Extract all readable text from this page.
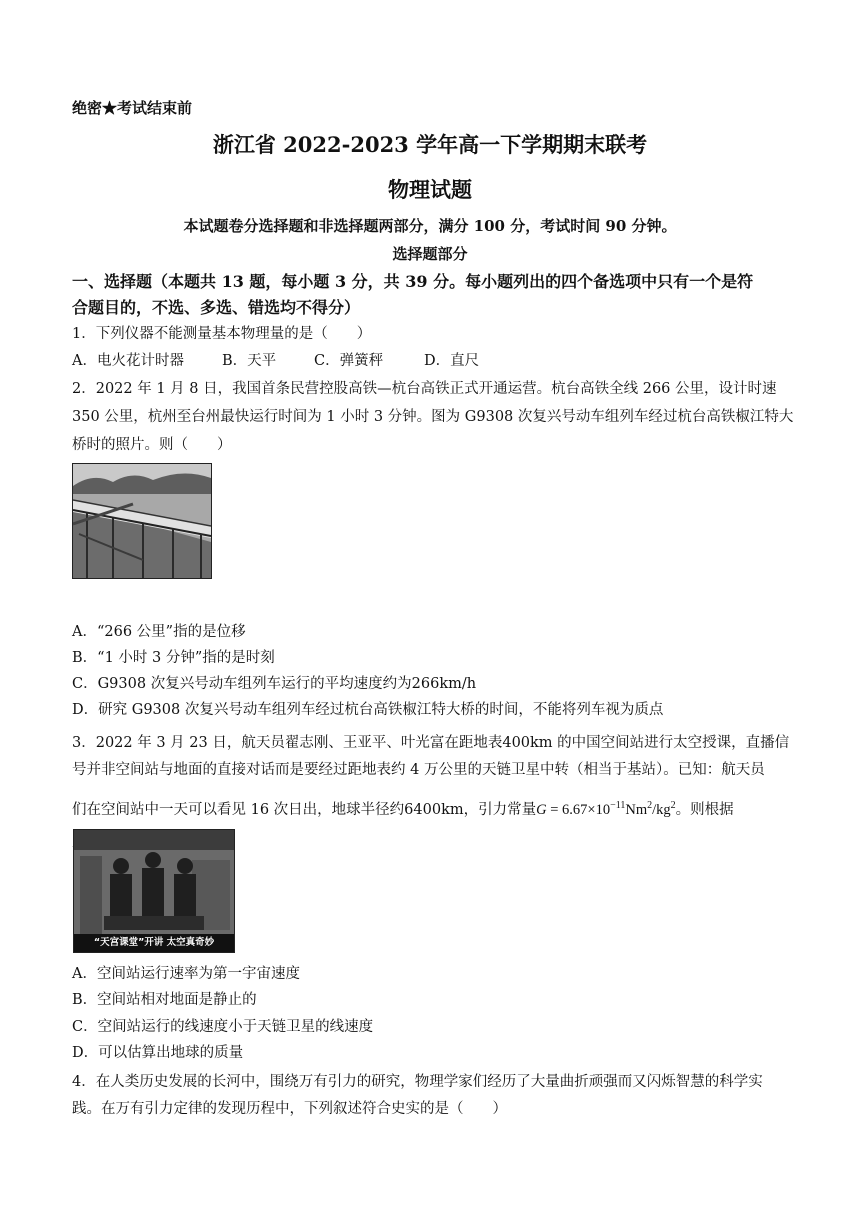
绝密★考试结束前
浙江省 2022-2023 学年高一下学期期末联考
物理试题
本试题卷分选择题和非选择题两部分，满分 100 分，考试时间 90 分钟。
选择题部分
一、选择题（本题共 13 题，每小题 3 分，共 39 分。每小题列出的四个备选项中只有一个是符
合题目的，不选、多选、错选均不得分）
1．下列仪器不能测量基本物理量的是（　　）
A．电火花计时器	B．天平	C．弹簧秤	D．直尺
2．2022 年 1 月 8 日，我国首条民营控股高铁—杭台高铁正式开通运营。杭台高铁全线 266 公里，设计时速
350 公里，杭州至台州最快运行时间为 1 小时 3 分钟。图为 G9308 次复兴号动车组列车经过杭台高铁椒江特大
桥时的照片。则（　　）
A．“266 公里”指的是位移
B．“1 小时 3 分钟”指的是时刻
C．G9308 次复兴号动车组列车运行的平均速度约为266km/h
D．研究 G9308 次复兴号动车组列车经过杭台高铁椒江特大桥的时间，不能将列车视为质点
3．2022 年 3 月 23 日，航天员翟志刚、王亚平、叶光富在距地表400km 的中国空间站进行太空授课，直播信
号并非空间站与地面的直接对话而是要经过距地表约 4 万公里的天链卫星中转（相当于基站）。已知：航天员
们在空间站中一天可以看见 16 次日出，地球半径约6400km，引力常量$G = 6.67\times 10^{-11}Nm^2/kg^2$。则根据
“天宫课堂”开讲 太空真奇妙
A．空间站运行速率为第一宇宙速度
B．空间站相对地面是静止的
C．空间站运行的线速度小于天链卫星的线速度
D．可以估算出地球的质量
4．在人类历史发展的长河中，围绕万有引力的研究，物理学家们经历了大量曲折顽强而又闪烁智慧的科学实
践。在万有引力定律的发现历程中，下列叙述符合史实的是（　　）
